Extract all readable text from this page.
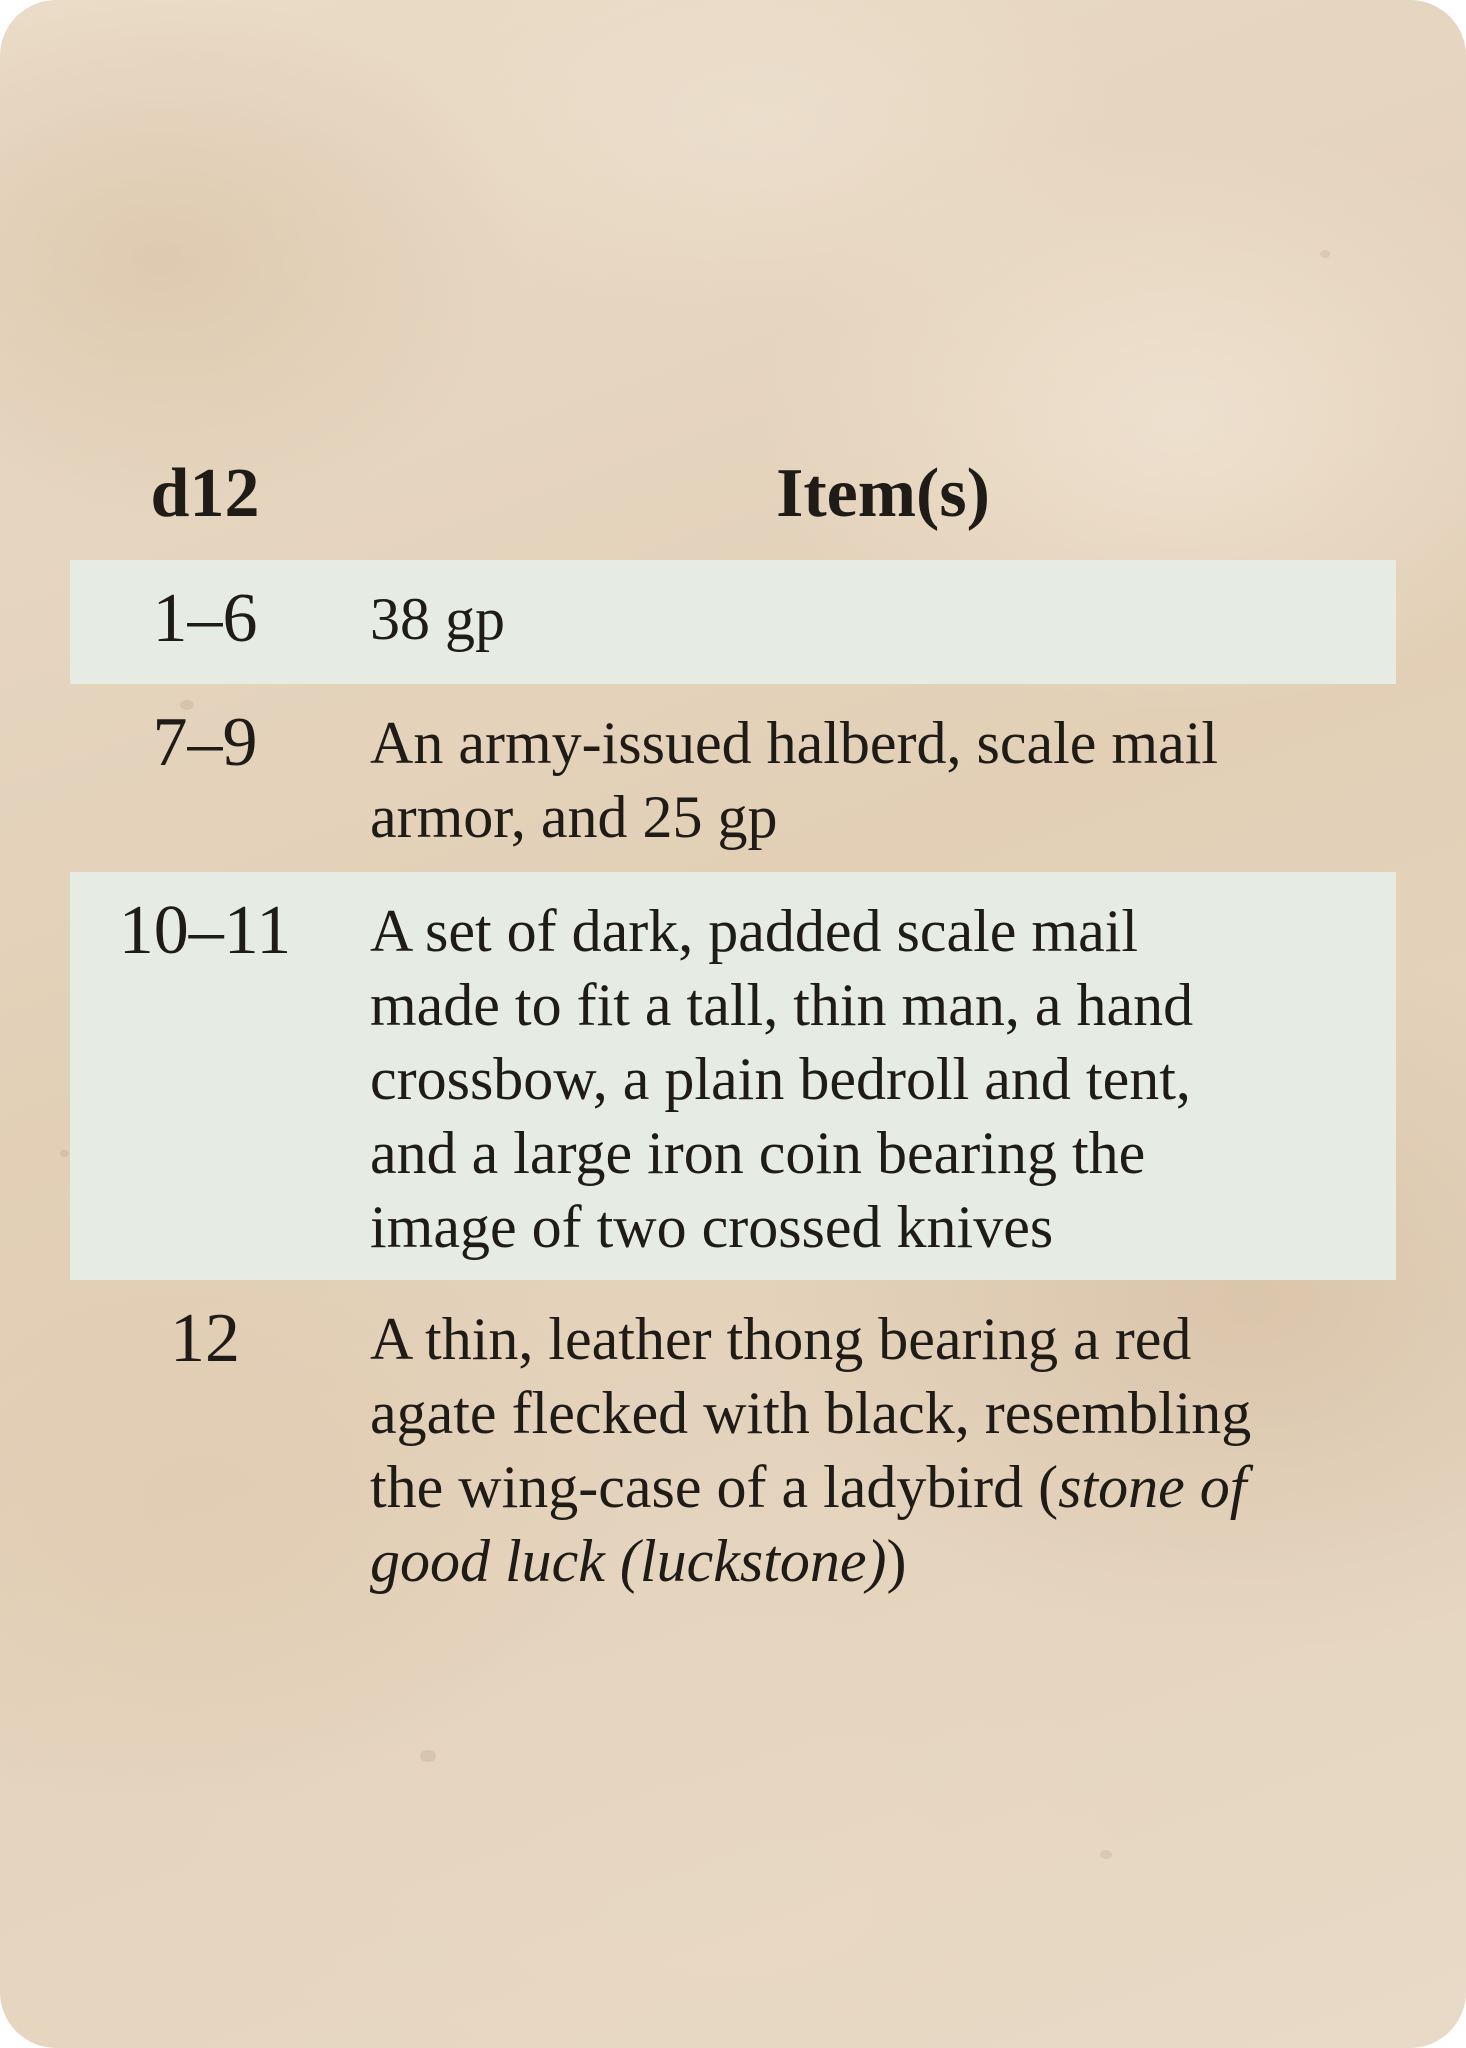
d12	Item(s)
1–6	38 gp
7–9	An army-issued halberd, scale mail
armor, and 25 gp
10–11	A set of dark, padded scale mail
made to fit a tall, thin man, a hand
crossbow, a plain bedroll and tent,
and a large iron coin bearing the
image of two crossed knives
12	A thin, leather thong bearing a red
agate flecked with black, resembling
the wing-case of a ladybird (stone of
good luck (luckstone))
